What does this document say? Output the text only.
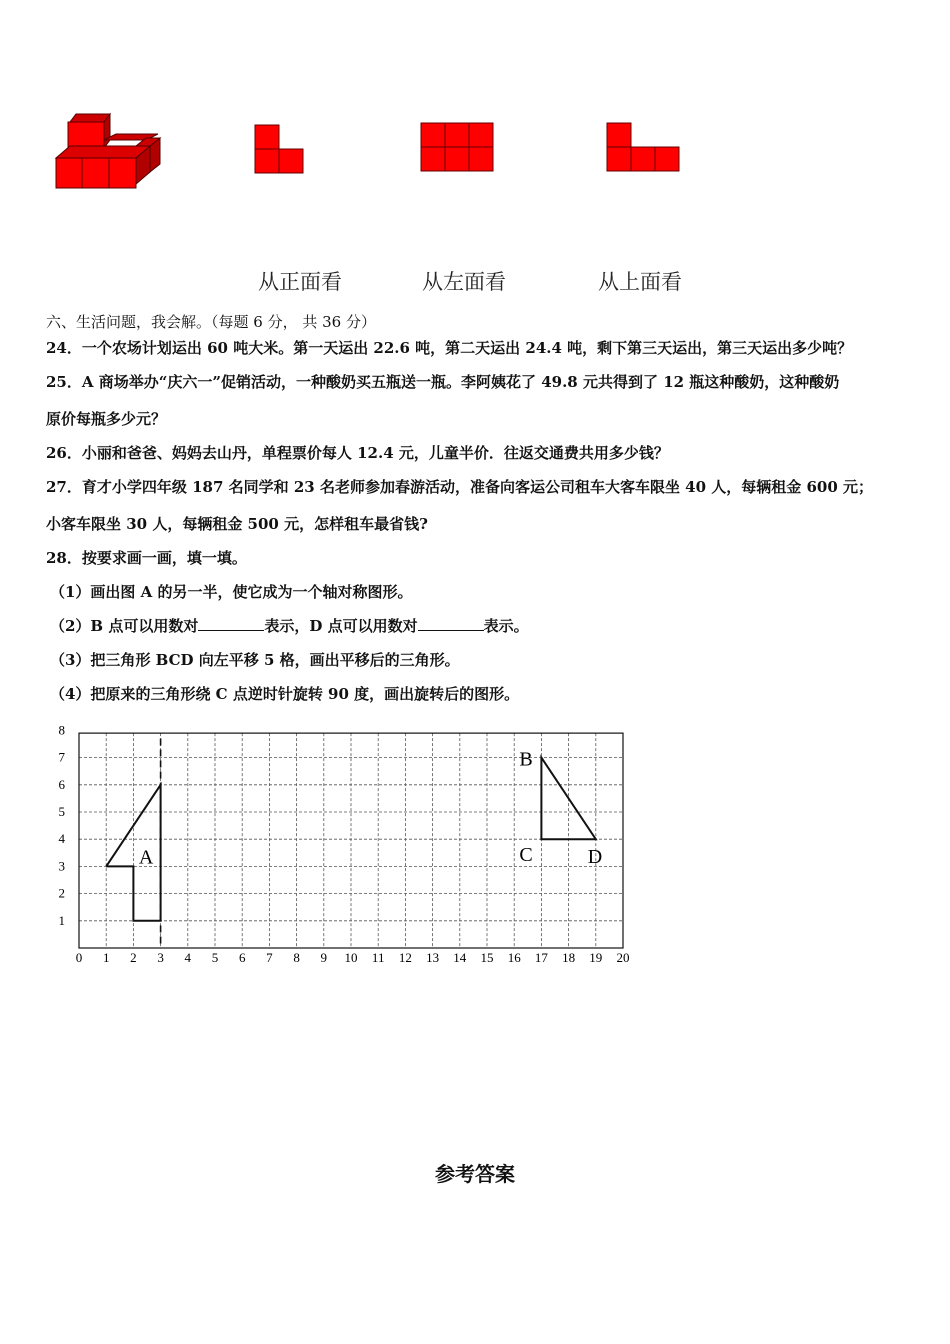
从正面看	从左面看	从上面看
六、生活问题，我会解。（每题 6 分， 共 36 分）
24．一个农场计划运出 60 吨大米。第一天运出 22.6 吨，第二天运出 24.4 吨，剩下第三天运出，第三天运出多少吨？
25．A 商场举办“庆六一”促销活动，一种酸奶买五瓶送一瓶。李阿姨花了 49.8 元共得到了 12 瓶这种酸奶，这种酸奶
原价每瓶多少元？
26．小丽和爸爸、妈妈去山丹，单程票价每人 12.4 元，儿童半价．往返交通费共用多少钱？
27．育才小学四年级 187 名同学和 23 名老师参加春游活动，准备向客运公司租车大客车限坐 40 人，每辆租金 600 元；
小客车限坐 30 人，每辆租金 500 元，怎样租车最省钱?
28．按要求画一画，填一填。
（1）画出图 A 的另一半，使它成为一个轴对称图形。
（2）B 点可以用数对	表示，D 点可以用数对	表示。
（3）把三角形 BCD 向左平移 5 格，画出平移后的三角形。
（4）把原来的三角形绕 C 点逆时针旋转 90 度，画出旋转后的图形。
0 1 2 3 4 5 6 7 8 9 10 11 12 13 14 15 16 17 18 19 20
1
2
3
4
5
6
7
8
A
B
C	D
参考答案
